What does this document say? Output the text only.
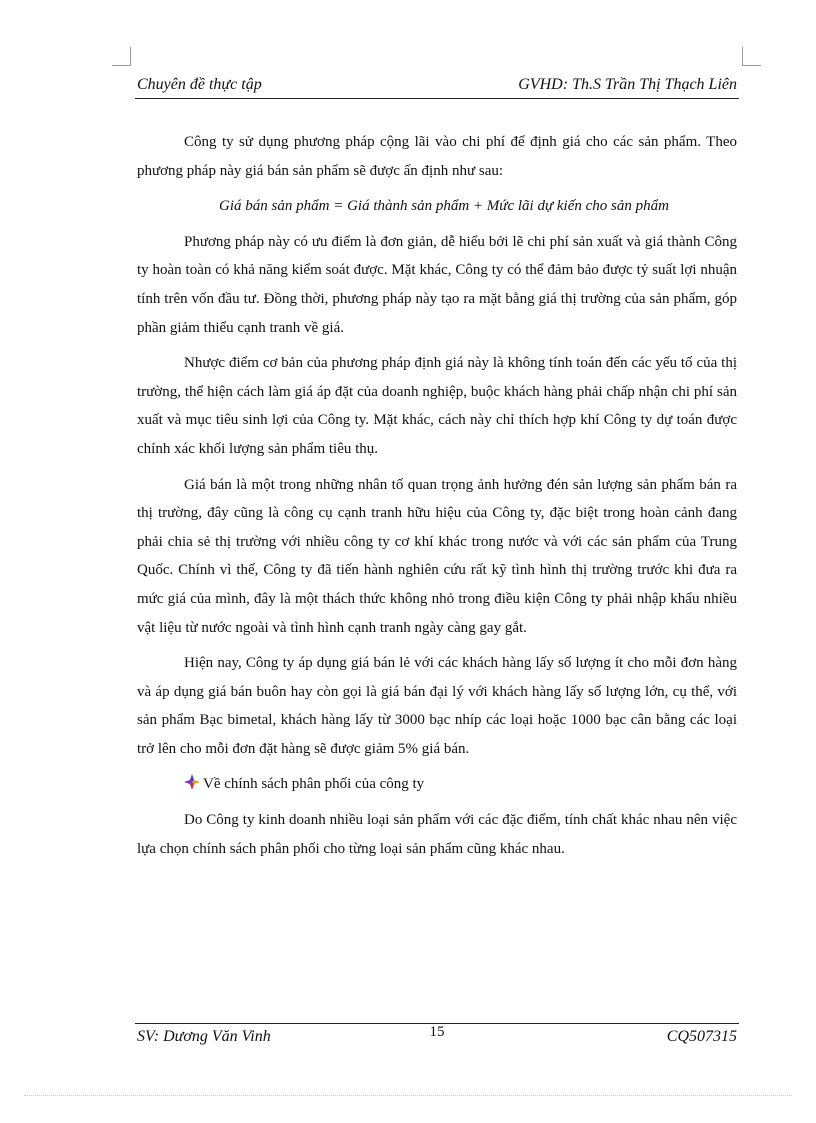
Chuyên đề thực tập	GVHD: Th.S Trần Thị Thạch Liên

Công ty sử dụng phương pháp cộng lãi vào chi phí để định giá cho các sản phẩm. Theo phương pháp này giá bán sản phẩm sẽ được ấn định như sau:

Giá bán sản phẩm = Giá thành sản phẩm + Mức lãi dự kiến cho sản phẩm

Phương pháp này có ưu điểm là đơn giản, dễ hiểu bởi lẽ chi phí sản xuất và giá thành Công ty hoàn toàn có khả năng kiểm soát được. Mặt khác, Công ty có thể đảm bảo được tỷ suất lợi nhuận tính trên vốn đầu tư. Đồng thời, phương pháp này tạo ra mặt bằng giá thị trường của sản phẩm, góp phần giảm thiểu cạnh tranh về giá.

Nhược điểm cơ bản của phương pháp định giá này là không tính toán đến các yếu tố của thị trường, thể hiện cách làm giá áp đặt của doanh nghiệp, buộc khách hàng phải chấp nhận chi phí sản xuất và mục tiêu sinh lợi của Công ty. Mặt khác, cách này chỉ thích hợp khí Công ty dự toán được chính xác khối lượng sản phẩm tiêu thụ.

Giá bán là một trong những nhân tố quan trọng ảnh hưởng đén sản lượng sản phẩm bán ra thị trường, đây cũng là công cụ cạnh tranh hữu hiệu của Công ty, đặc biệt trong hoàn cảnh đang phải chia sẻ thị trường với nhiều công ty cơ khí khác trong nước và với các sản phẩm của Trung Quốc. Chính vì thế, Công ty đã tiến hành nghiên cứu rất kỹ tình hình thị trường trước khi đưa ra mức giá của mình, đây là một thách thức không nhỏ trong điều kiện Công ty phải nhập khẩu nhiều vật liệu từ nước ngoài và tình hình cạnh tranh ngày càng gay gắt.

Hiện nay, Công ty áp dụng giá bán lẻ với các khách hàng lấy số lượng ít cho mỗi đơn hàng và áp dụng giá bán buôn hay còn gọi là giá bán đại lý với khách hàng lấy số lượng lớn, cụ thể, với sản phẩm Bạc bimetal, khách hàng lấy từ 3000 bạc nhíp các loại hoặc 1000 bạc cân bằng các loại trở lên cho mỗi đơn đặt hàng sẽ được giảm 5% giá bán.

Về chính sách phân phối của công ty

Do Công ty kinh doanh nhiều loại sản phẩm với các đặc điểm, tính chất khác nhau nên việc lựa chọn chính sách phân phối cho từng loại sản phẩm cũng khác nhau.

SV: Dương Văn Vinh	15	CQ507315
